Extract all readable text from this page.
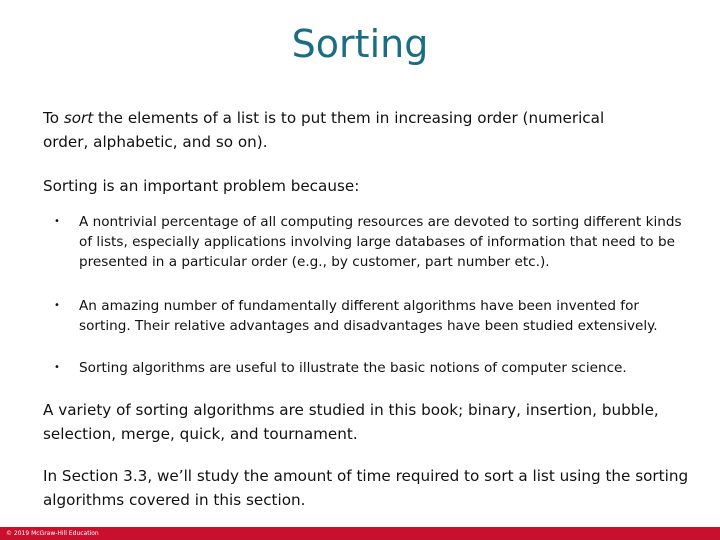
Sorting

To sort the elements of a list is to put them in increasing order (numerical order, alphabetic, and so on).

Sorting is an important problem because:

• A nontrivial percentage of all computing resources are devoted to sorting different kinds of lists, especially applications involving large databases of information that need to be presented in a particular order (e.g., by customer, part number etc.).
• An amazing number of fundamentally different algorithms have been invented for sorting. Their relative advantages and disadvantages have been studied extensively.
• Sorting algorithms are useful to illustrate the basic notions of computer science.

A variety of sorting algorithms are studied in this book; binary, insertion, bubble, selection, merge, quick, and tournament.

In Section 3.3, we’ll study the amount of time required to sort a list using the sorting algorithms covered in this section.

© 2019 McGraw-Hill Education
